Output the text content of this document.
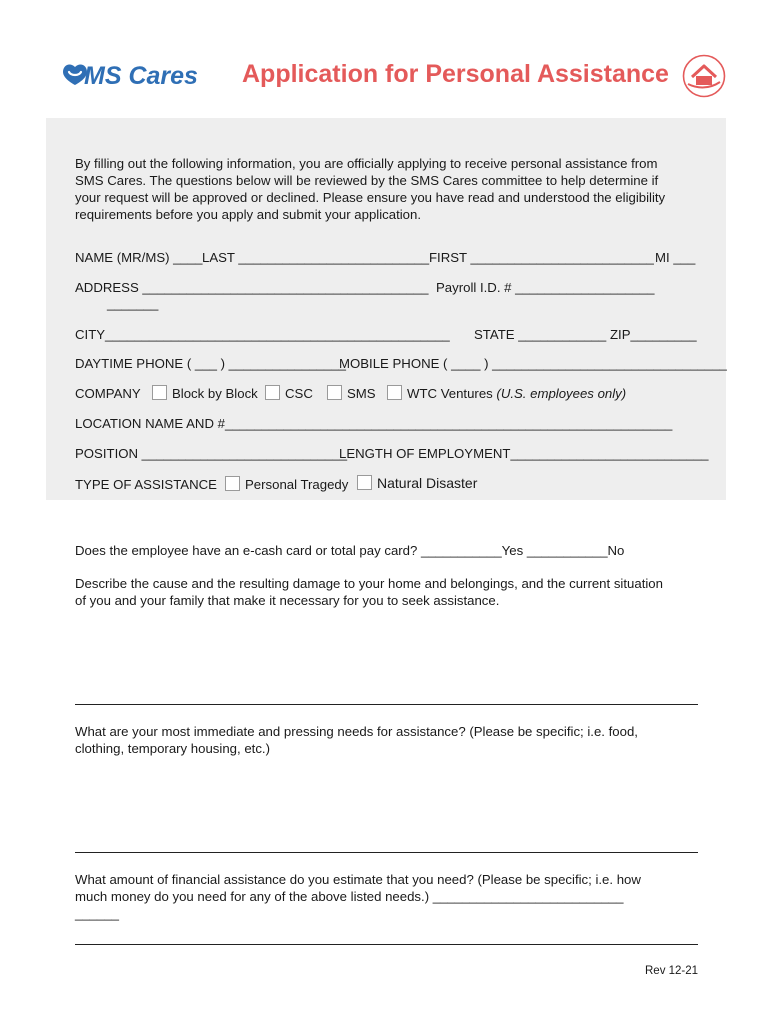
MS Cares Application for Personal Assistance
By filling out the following information, you are officially applying to receive personal assistance from
SMS Cares. The questions below will be reviewed by the SMS Cares committee to help determine if
your request will be approved or declined. Please ensure you have read and understood the eligibility
requirements before you apply and submit your application.
NAME (MR/MS) ____ LAST __________________________ FIRST _________________________ MI ___
ADDRESS _______________________________________ Payroll I.D. # ___________________
_______
CITY_______________________________________________ STATE ____________ ZIP_________
DAYTIME PHONE ( ___ ) ________________
MOBILE PHONE ( ____ ) ________________________________
COMPANY	Block by Block	CSC	SMS	WTC Ventures (U.S. employees only)
LOCATION NAME AND #_____________________________________________________________
POSITION ____________________________
LENGTH OF EMPLOYMENT___________________________
TYPE OF ASSISTANCE	Personal Tragedy	Natural Disaster
Does the employee have an e-cash card or total pay card? ___________Yes ___________No
Describe the cause and the resulting damage to your home and belongings, and the current situation
of you and your family that make it necessary for you to seek assistance.
What are your most immediate and pressing needs for assistance? (Please be specific; i.e. food,
clothing, temporary housing, etc.)
What amount of financial assistance do you estimate that you need? (Please be specific; i.e. how
much money do you need for any of the above listed needs.) __________________________
______
Rev 12-21
